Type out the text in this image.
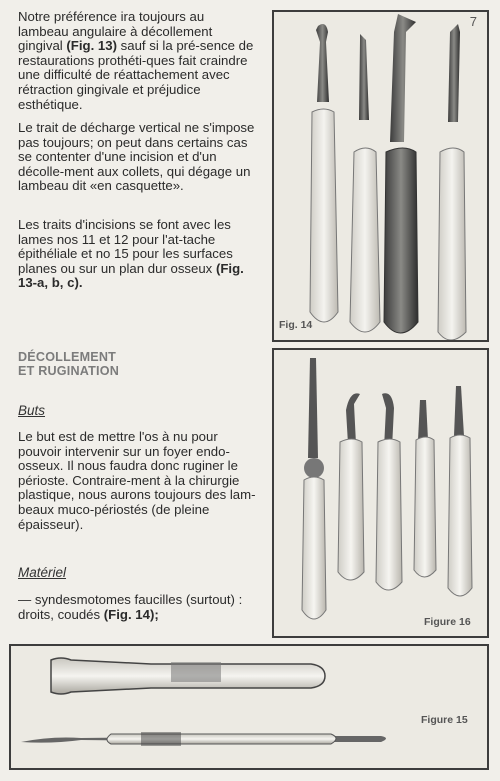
Notre préférence ira toujours au lambeau angulaire à décollement gingival (Fig. 13) sauf si la pré-sence de restaurations prothéti-ques fait craindre une difficulté de réattachement avec rétraction gingivale et préjudice esthétique.

Le trait de décharge vertical ne s'impose pas toujours; on peut dans certains cas se contenter d'une incision et d'un décolle-ment aux collets, qui dégage un lambeau dit «en casquette».

Les traits d'incisions se font avec les lames nos 11 et 12 pour l'at-tache épithéliale et no 15 pour les surfaces planes ou sur un plan dur osseux (Fig. 13-a, b, c).

DÉCOLLEMENT
ET RUGINATION
Buts

Le but est de mettre l'os à nu pour pouvoir intervenir sur un foyer endo-osseux. Il nous faudra donc ruginer le périoste. Contraire-ment à la chirurgie plastique, nous aurons toujours des lam-beaux muco-périostés (de pleine épaisseur).

Matériel

— syndesmotomes faucilles (surtout) : droits, coudés (Fig. 14);

Fig. 14
7
Figure 16
Figure 15
